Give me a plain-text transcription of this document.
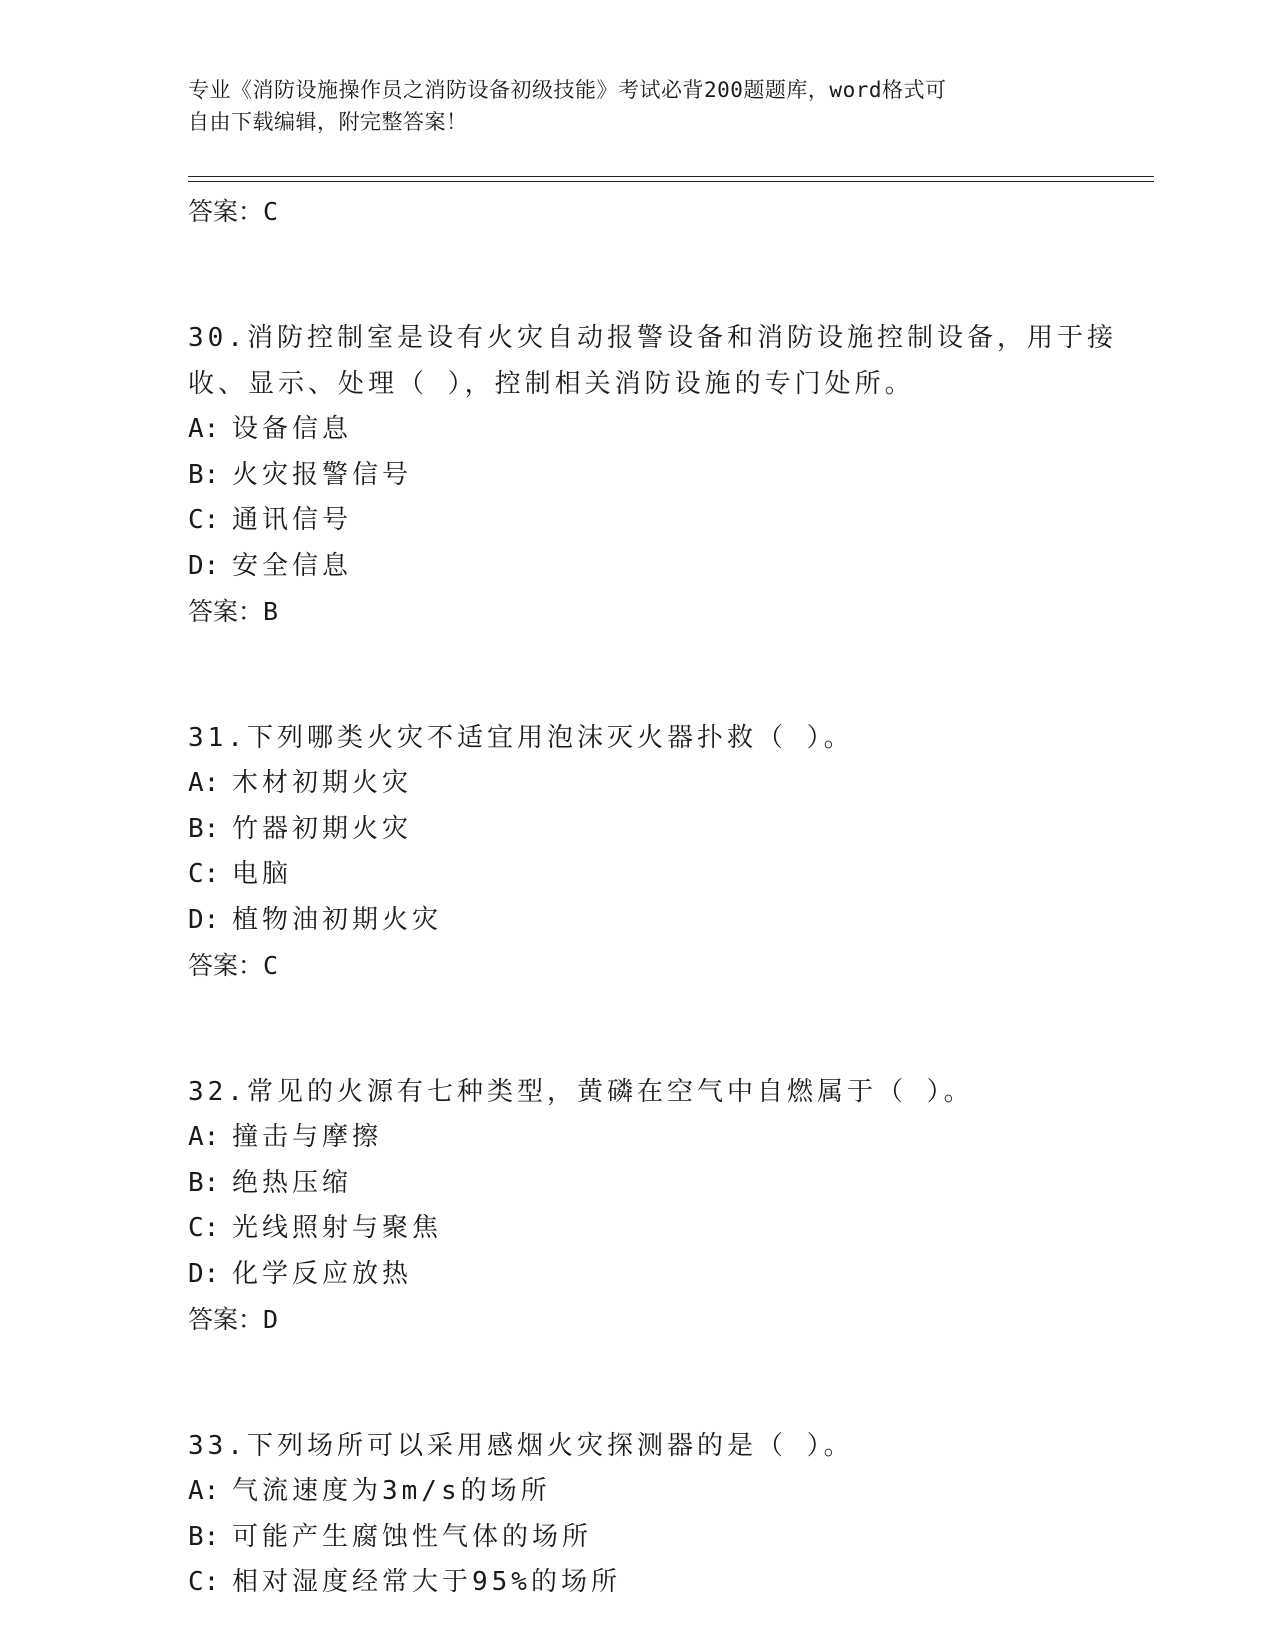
专业《消防设施操作员之消防设备初级技能》考试必背200题题库，word格式可
自由下载编辑，附完整答案！
答案：C
30.消防控制室是设有火灾自动报警设备和消防设施控制设备，用于接
收、显示、处理（ ），控制相关消防设施的专门处所。
A: 设备信息
B: 火灾报警信号
C: 通讯信号
D: 安全信息
答案：B
31.下列哪类火灾不适宜用泡沫灭火器扑救（ ）。
A: 木材初期火灾
B: 竹器初期火灾
C: 电脑
D: 植物油初期火灾
答案：C
32.常见的火源有七种类型，黄磷在空气中自燃属于（ ）。
A: 撞击与摩擦
B: 绝热压缩
C: 光线照射与聚焦
D: 化学反应放热
答案：D
33.下列场所可以采用感烟火灾探测器的是（ ）。
A: 气流速度为3m/s的场所
B: 可能产生腐蚀性气体的场所
C: 相对湿度经常大于95%的场所
